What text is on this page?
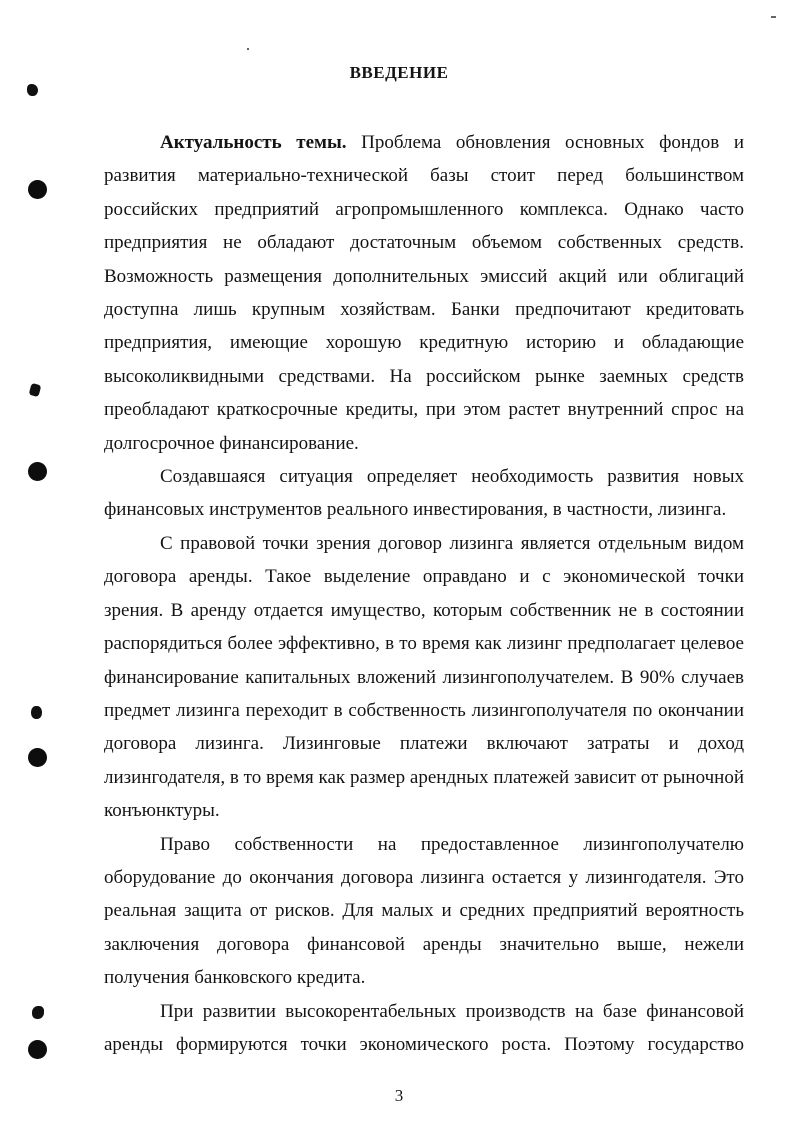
ВВЕДЕНИЕ

Актуальность темы. Проблема обновления основных фондов и развития материально-технической базы стоит перед большинством российских предприятий агропромышленного комплекса. Однако часто предприятия не обладают достаточным объемом собственных средств. Возможность размещения дополнительных эмиссий акций или облигаций доступна лишь крупным хозяйствам. Банки предпочитают кредитовать предприятия, имеющие хорошую кредитную историю и обладающие высоколиквидными средствами. На российском рынке заемных средств преобладают краткосрочные кредиты, при этом растет внутренний спрос на долгосрочное финансирование.

Создавшаяся ситуация определяет необходимость развития новых финансовых инструментов реального инвестирования, в частности, лизинга.

С правовой точки зрения договор лизинга является отдельным видом договора аренды. Такое выделение оправдано и с экономической точки зрения. В аренду отдается имущество, которым собственник не в состоянии распорядиться более эффективно, в то время как лизинг предполагает целевое финансирование капитальных вложений лизингополучателем. В 90% случаев предмет лизинга переходит в собственность лизингополучателя по окончании договора лизинга. Лизинговые платежи включают затраты и доход лизингодателя, в то время как размер арендных платежей зависит от рыночной конъюнктуры.

Право собственности на предоставленное лизингополучателю оборудование до окончания договора лизинга остается у лизингодателя. Это реальная защита от рисков. Для малых и средних предприятий вероятность заключения договора финансовой аренды значительно выше, нежели получения банковского кредита.

При развитии высокорентабельных производств на базе финансовой аренды формируются точки экономического роста. Поэтому государство

3
